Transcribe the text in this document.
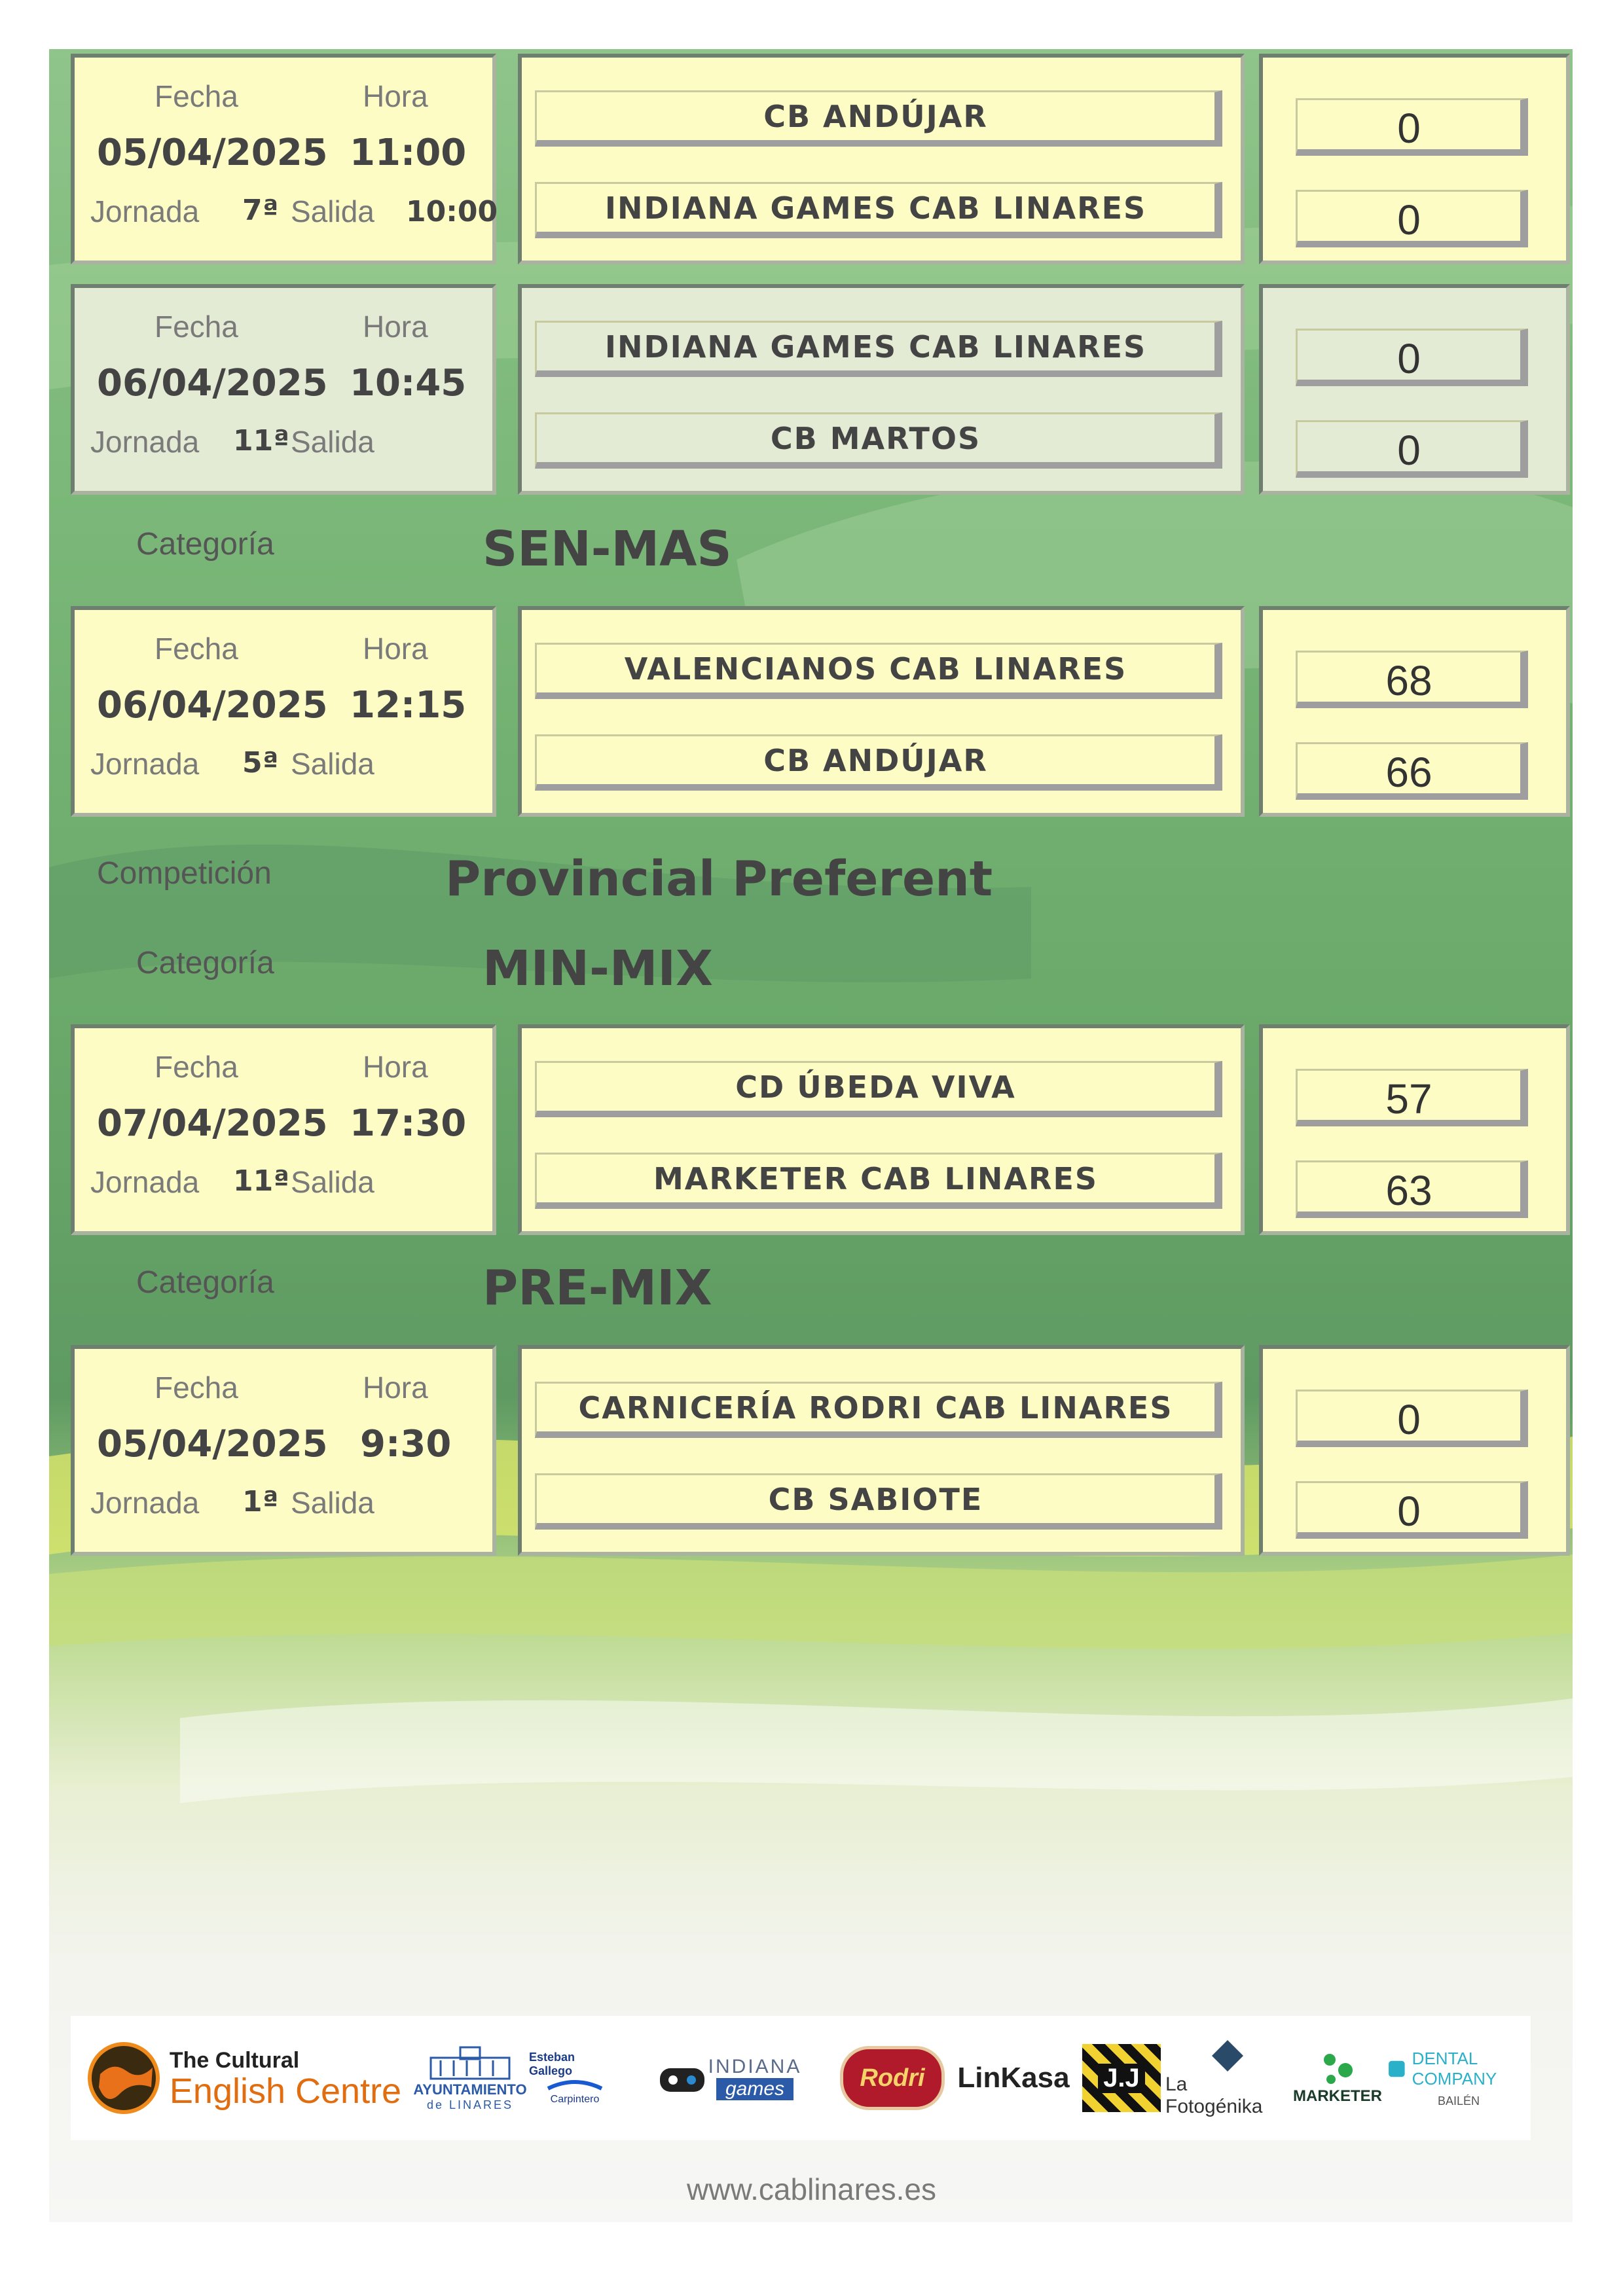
Fecha	Hora
05/04/2025 11:00
Jornada 7ª Salida 10:00
CB ANDÚJAR
INDIANA GAMES CAB LINARES
0
0
Fecha	Hora
06/04/2025 10:45
Jornada 11ª Salida
INDIANA GAMES CAB LINARES
CB MARTOS
0
0
Categoría	SEN-MAS
Fecha	Hora
06/04/2025 12:15
Jornada 5ª Salida
VALENCIANOS CAB LINARES
CB ANDÚJAR
68
66
Competición	Provincial Preferent
Categoría	MIN-MIX
Fecha	Hora
07/04/2025 17:30
Jornada 11ª Salida
CD ÚBEDA VIVA
MARKETER CAB LINARES
57
63
Categoría	PRE-MIX
Fecha	Hora
05/04/2025 9:30
Jornada 1ª Salida
CARNICERÍA RODRI CAB LINARES
CB SABIOTE
0
0
The Cultural
English Centre AYUNTAMIENTO
de LINARES
Esteban Gallego
Carpintero
INDIANA
games	Rodri LinKasa J.J La Fotogénika	MARKETER
DENTAL COMPANY
BAILÉN
www.cablinares.es
